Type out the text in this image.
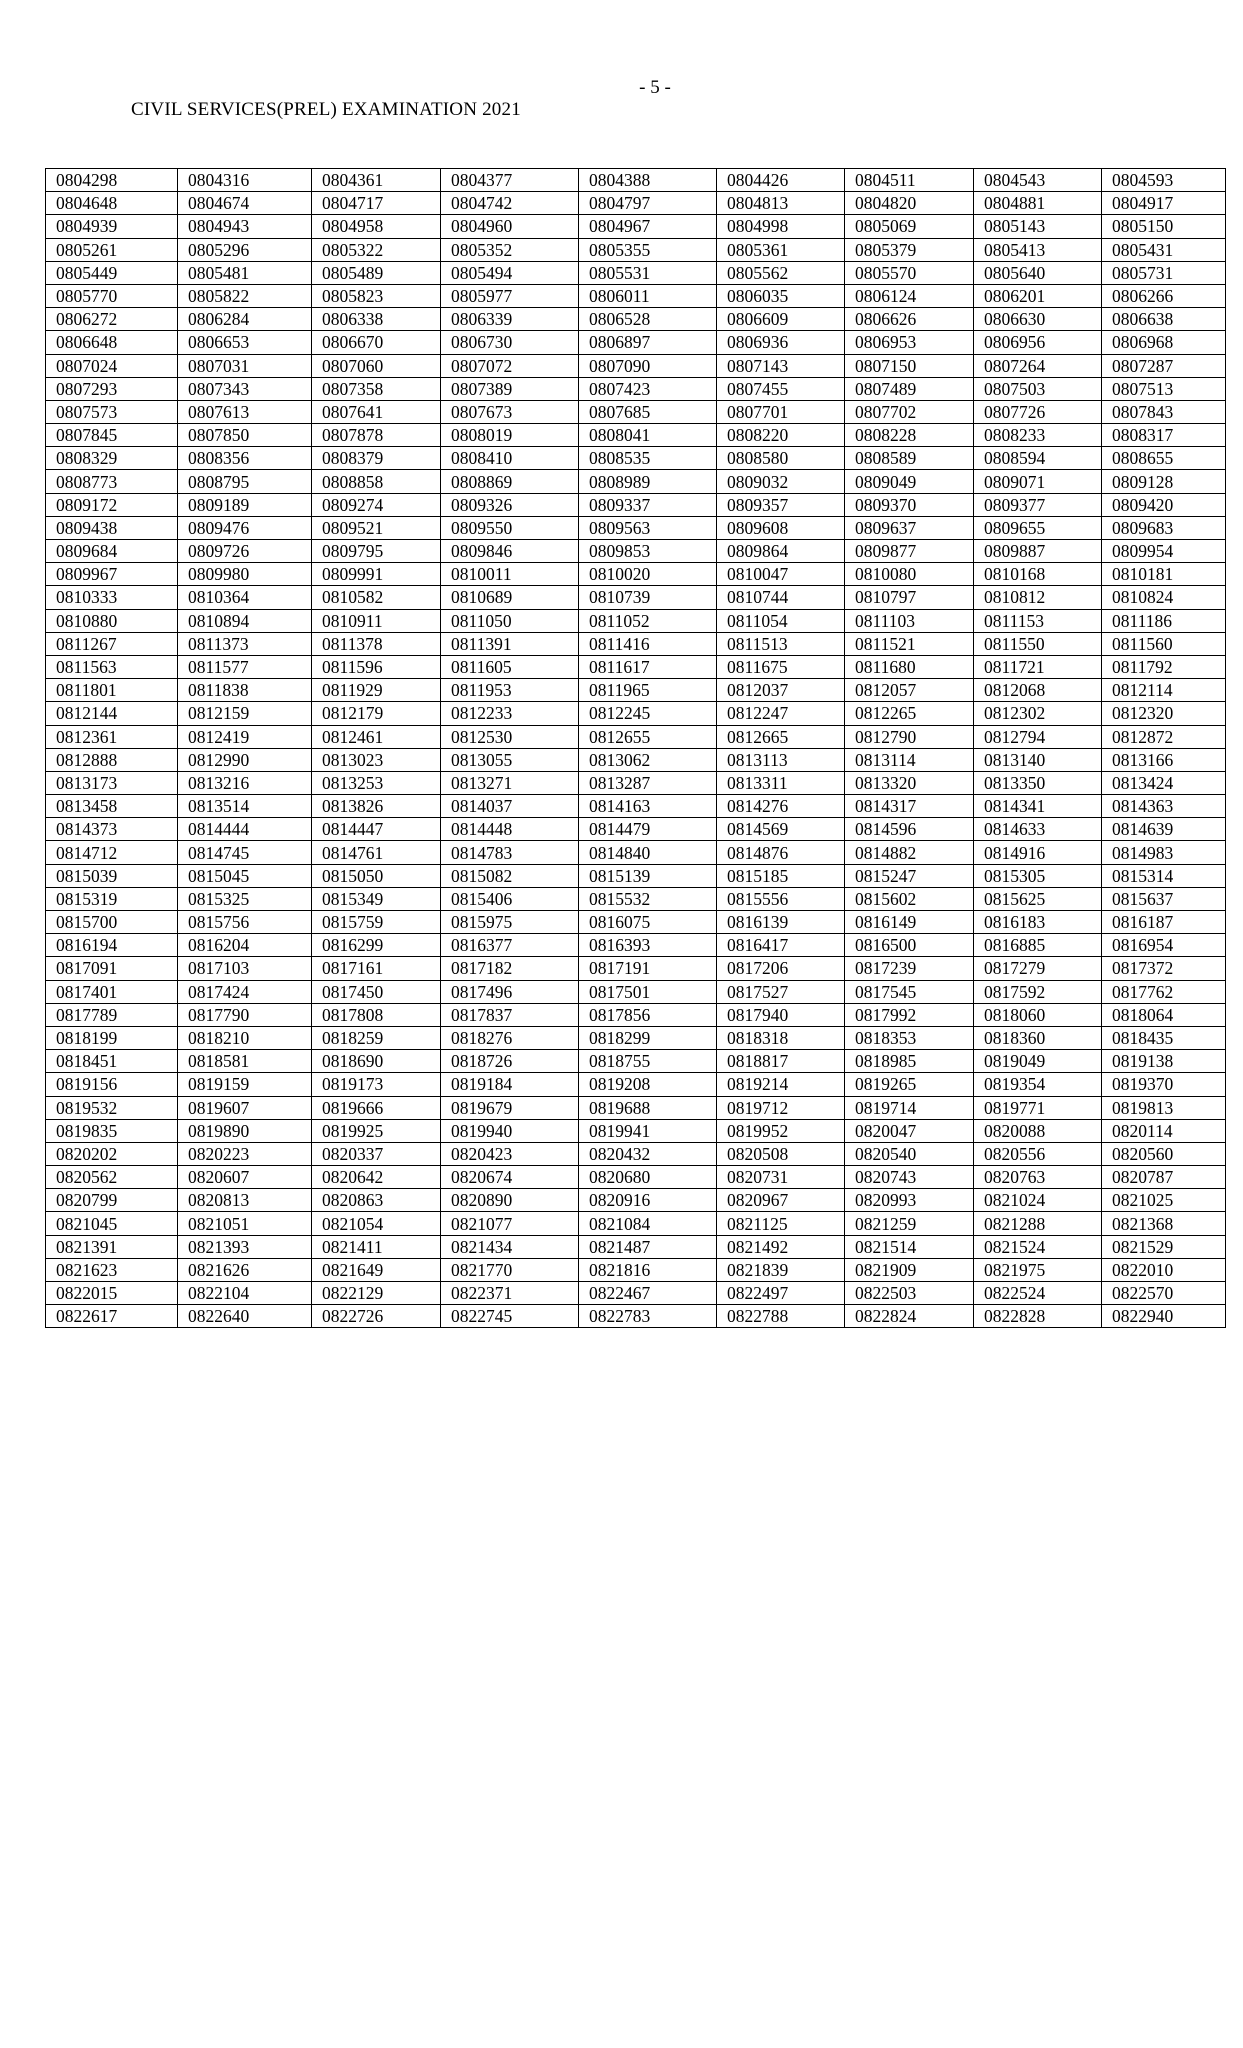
- 5 -
CIVIL SERVICES(PREL) EXAMINATION 2021
0804298	0804316	0804361	0804377	0804388	0804426	0804511	0804543	0804593
0804648	0804674	0804717	0804742	0804797	0804813	0804820	0804881	0804917
0804939	0804943	0804958	0804960	0804967	0804998	0805069	0805143	0805150
0805261	0805296	0805322	0805352	0805355	0805361	0805379	0805413	0805431
0805449	0805481	0805489	0805494	0805531	0805562	0805570	0805640	0805731
0805770	0805822	0805823	0805977	0806011	0806035	0806124	0806201	0806266
0806272	0806284	0806338	0806339	0806528	0806609	0806626	0806630	0806638
0806648	0806653	0806670	0806730	0806897	0806936	0806953	0806956	0806968
0807024	0807031	0807060	0807072	0807090	0807143	0807150	0807264	0807287
0807293	0807343	0807358	0807389	0807423	0807455	0807489	0807503	0807513
0807573	0807613	0807641	0807673	0807685	0807701	0807702	0807726	0807843
0807845	0807850	0807878	0808019	0808041	0808220	0808228	0808233	0808317
0808329	0808356	0808379	0808410	0808535	0808580	0808589	0808594	0808655
0808773	0808795	0808858	0808869	0808989	0809032	0809049	0809071	0809128
0809172	0809189	0809274	0809326	0809337	0809357	0809370	0809377	0809420
0809438	0809476	0809521	0809550	0809563	0809608	0809637	0809655	0809683
0809684	0809726	0809795	0809846	0809853	0809864	0809877	0809887	0809954
0809967	0809980	0809991	0810011	0810020	0810047	0810080	0810168	0810181
0810333	0810364	0810582	0810689	0810739	0810744	0810797	0810812	0810824
0810880	0810894	0810911	0811050	0811052	0811054	0811103	0811153	0811186
0811267	0811373	0811378	0811391	0811416	0811513	0811521	0811550	0811560
0811563	0811577	0811596	0811605	0811617	0811675	0811680	0811721	0811792
0811801	0811838	0811929	0811953	0811965	0812037	0812057	0812068	0812114
0812144	0812159	0812179	0812233	0812245	0812247	0812265	0812302	0812320
0812361	0812419	0812461	0812530	0812655	0812665	0812790	0812794	0812872
0812888	0812990	0813023	0813055	0813062	0813113	0813114	0813140	0813166
0813173	0813216	0813253	0813271	0813287	0813311	0813320	0813350	0813424
0813458	0813514	0813826	0814037	0814163	0814276	0814317	0814341	0814363
0814373	0814444	0814447	0814448	0814479	0814569	0814596	0814633	0814639
0814712	0814745	0814761	0814783	0814840	0814876	0814882	0814916	0814983
0815039	0815045	0815050	0815082	0815139	0815185	0815247	0815305	0815314
0815319	0815325	0815349	0815406	0815532	0815556	0815602	0815625	0815637
0815700	0815756	0815759	0815975	0816075	0816139	0816149	0816183	0816187
0816194	0816204	0816299	0816377	0816393	0816417	0816500	0816885	0816954
0817091	0817103	0817161	0817182	0817191	0817206	0817239	0817279	0817372
0817401	0817424	0817450	0817496	0817501	0817527	0817545	0817592	0817762
0817789	0817790	0817808	0817837	0817856	0817940	0817992	0818060	0818064
0818199	0818210	0818259	0818276	0818299	0818318	0818353	0818360	0818435
0818451	0818581	0818690	0818726	0818755	0818817	0818985	0819049	0819138
0819156	0819159	0819173	0819184	0819208	0819214	0819265	0819354	0819370
0819532	0819607	0819666	0819679	0819688	0819712	0819714	0819771	0819813
0819835	0819890	0819925	0819940	0819941	0819952	0820047	0820088	0820114
0820202	0820223	0820337	0820423	0820432	0820508	0820540	0820556	0820560
0820562	0820607	0820642	0820674	0820680	0820731	0820743	0820763	0820787
0820799	0820813	0820863	0820890	0820916	0820967	0820993	0821024	0821025
0821045	0821051	0821054	0821077	0821084	0821125	0821259	0821288	0821368
0821391	0821393	0821411	0821434	0821487	0821492	0821514	0821524	0821529
0821623	0821626	0821649	0821770	0821816	0821839	0821909	0821975	0822010
0822015	0822104	0822129	0822371	0822467	0822497	0822503	0822524	0822570
0822617	0822640	0822726	0822745	0822783	0822788	0822824	0822828	0822940
